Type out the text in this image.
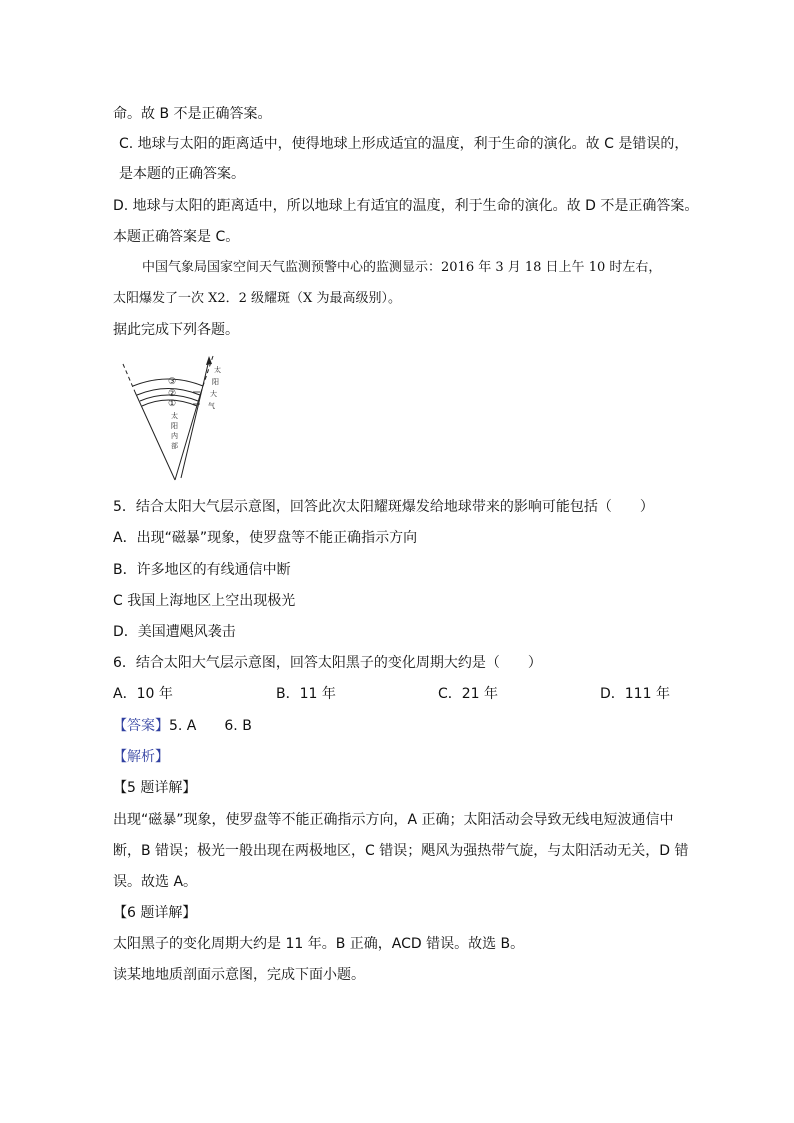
命。故 B 不是正确答案。
C. 地球与太阳的距离适中，使得地球上形成适宜的温度，利于生命的演化。故 C 是错误的，
是本题的正确答案。
D. 地球与太阳的距离适中，所以地球上有适宜的温度，利于生命的演化。故 D 不是正确答案。
本题正确答案是 C。
中国气象局国家空间天气监测预警中心的监测显示：2016 年 3 月 18 日上午 10 时左右，
太阳爆发了一次 X2．2 级耀斑（X 为最高级别）。
据此完成下列各题。
③
②
①
太
阳
内
部
太
阳
大
气
5．结合太阳大气层示意图，回答此次太阳耀斑爆发给地球带来的影响可能包括（　　）
A．出现“磁暴”现象，使罗盘等不能正确指示方向
B．许多地区的有线通信中断
C 我国上海地区上空出现极光
D．美国遭飓风袭击
6．结合太阳大气层示意图，回答太阳黑子的变化周期大约是（　　）
A．10 年	B．11 年	C．21 年	D．111 年
【答案】5. A　　6. B
【解析】
【5 题详解】
出现“磁暴”现象，使罗盘等不能正确指示方向，A 正确；太阳活动会导致无线电短波通信中
断，B 错误；极光一般出现在两极地区，C 错误；飓风为强热带气旋，与太阳活动无关，D 错
误。故选 A。
【6 题详解】
太阳黑子的变化周期大约是 11 年。B 正确，ACD 错误。故选 B。
读某地地质剖面示意图，完成下面小题。
